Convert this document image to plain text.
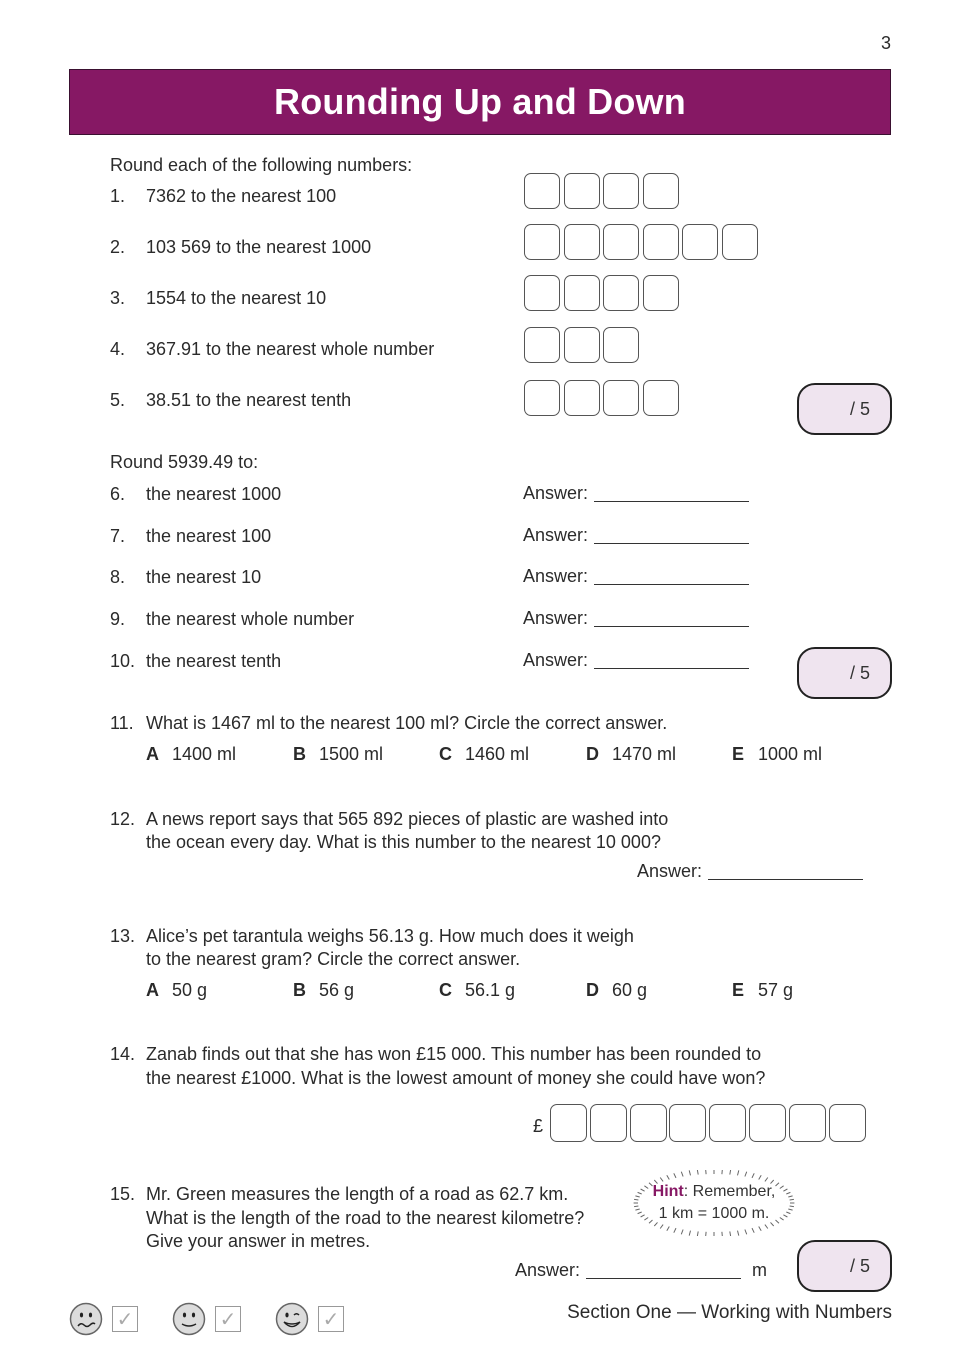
3
Rounding Up and Down
Round each of the following numbers:
1. 7362 to the nearest 100
2. 103 569 to the nearest 1000
3. 1554 to the nearest 10
4. 367.91 to the nearest whole number
5. 38.51 to the nearest tenth	/ 5
Round 5939.49 to:
6. the nearest 1000	Answer:
7. the nearest 100	Answer:
8. the nearest 10	Answer:
9. the nearest whole number	Answer:
10. the nearest tenth	Answer:
/ 5
11. What is 1467 ml to the nearest 100 ml? Circle the correct answer.
A 1400 ml	B 1500 ml	C 1460 ml	D 1470 ml	E 1000 ml
12. A news report says that 565 892 pieces of plastic are washed into
the ocean every day. What is this number to the nearest 10 000?
Answer:
13. Alice’s pet tarantula weighs 56.13 g. How much does it weigh
to the nearest gram? Circle the correct answer.
A 50 g	B 56 g	C 56.1 g	D 60 g	E 57 g
14. Zanab finds out that she has won £15 000. This number has been rounded to
the nearest £1000. What is the lowest amount of money she could have won?
£
15. Mr. Green measures the length of a road as 62.7 km.
What is the length of the road to the nearest kilometre?
Give your answer in metres.
Hint: Remember,
1 km = 1000 m.
Answer:	m	/ 5
✓	✓	✓	Section One — Working with Numbers
